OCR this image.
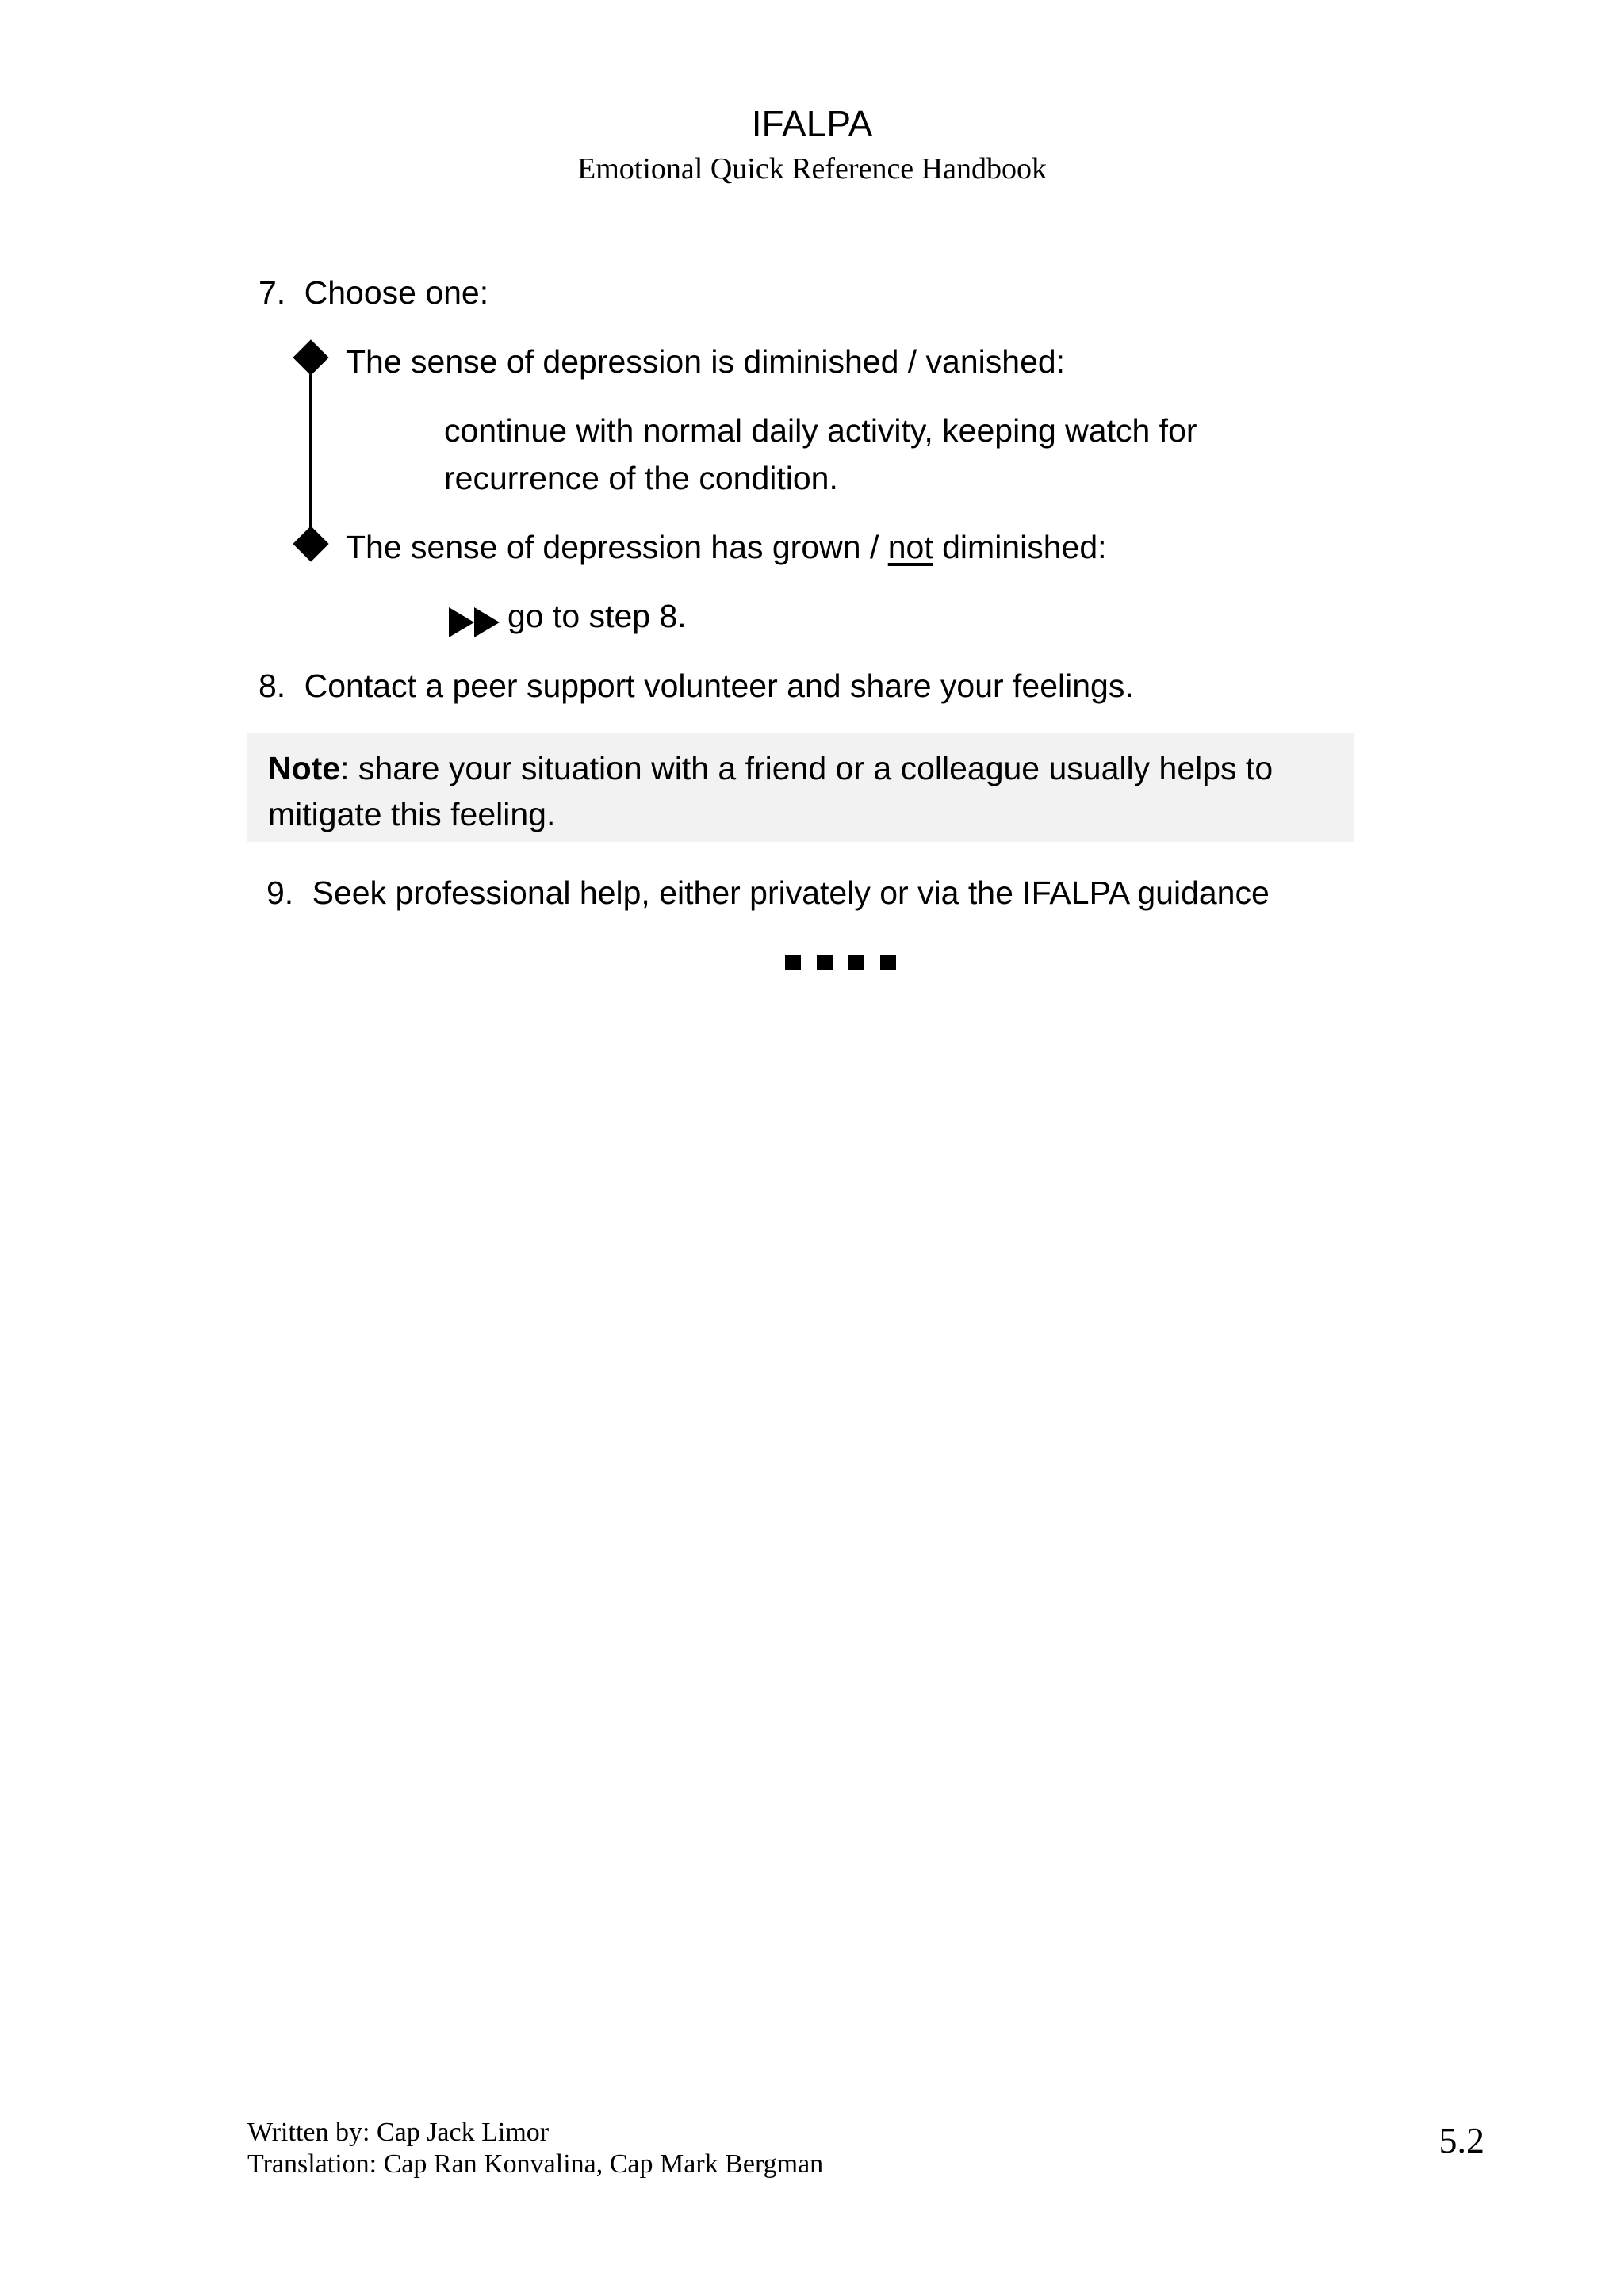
IFALPA
Emotional Quick Reference Handbook
7. Choose one:
The sense of depression is diminished / vanished:
continue with normal daily activity, keeping watch for
recurrence of the condition.
The sense of depression has grown / not diminished:
go to step 8.
8. Contact a peer support volunteer and share your feelings.
Note: share your situation with a friend or a colleague usually helps to
mitigate this feeling.
9. Seek professional help, either privately or via the IFALPA guidance
Written by: Cap Jack Limor
Translation: Cap Ran Konvalina, Cap Mark Bergman
5.2
